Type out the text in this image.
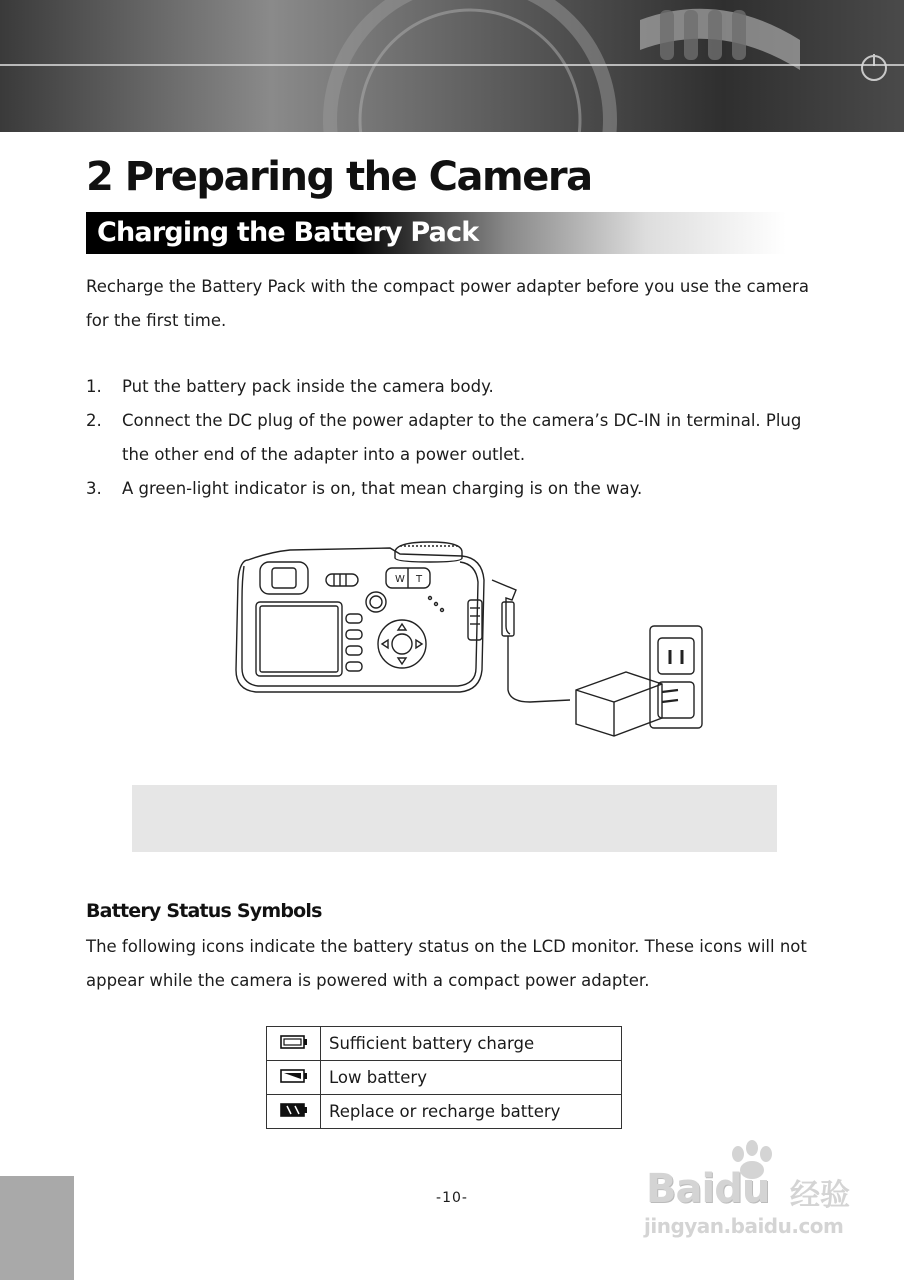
2 Preparing the Camera
Charging the Battery Pack

Recharge the Battery Pack with the compact power adapter before you use the camera for the first time.

1. Put the battery pack inside the camera body.
2. Connect the DC plug of the power adapter to the camera’s DC-IN in terminal. Plug the other end of the adapter into a power outlet.
3. A green-light indicator is on, that mean charging is on the way.
W T
Battery Status Symbols

The following icons indicate the battery status on the LCD monitor. These icons will not appear while the camera is powered with a compact power adapter.

	Sufficient battery charge
	Low battery
	Replace or recharge battery
-10-	Baidu 经验
jingyan.baidu.com
